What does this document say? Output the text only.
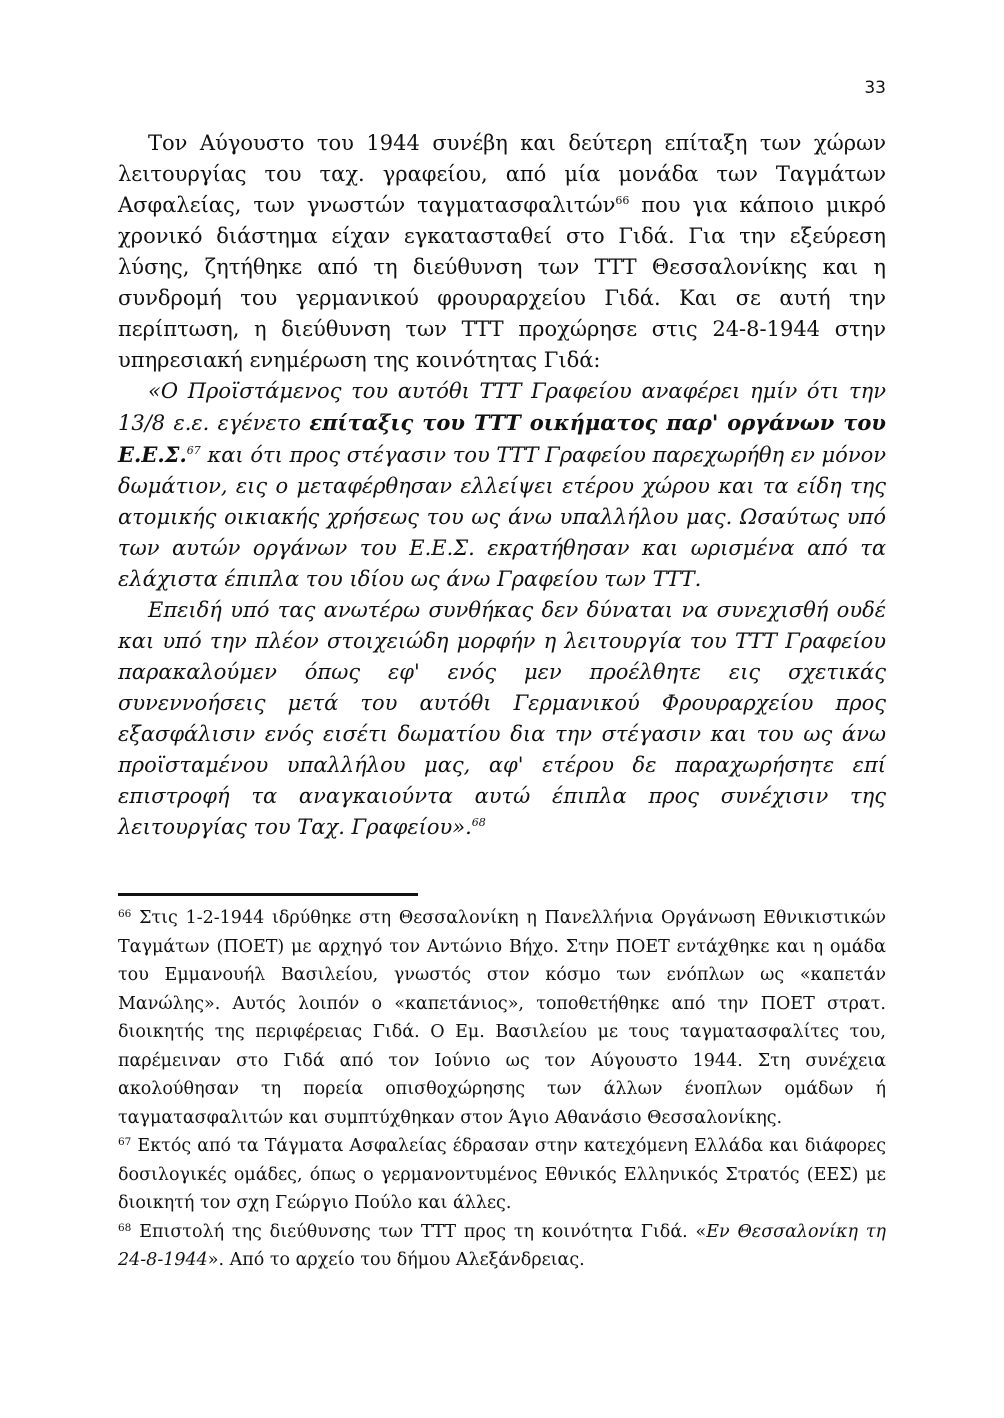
33

Τον Αύγουστο του 1944 συνέβη και δεύτερη επίταξη των χώρων λειτουργίας του ταχ. γραφείου, από μία μονάδα των Ταγμάτων Ασφαλείας, των γνωστών ταγματασφαλιτών$^{66}$ που για κάποιο μικρό χρονικό διάστημα είχαν εγκατασταθεί στο Γιδά. Για την εξεύρεση λύσης, ζητήθηκε από τη διεύθυνση των ΤΤΤ Θεσσαλονίκης και η συνδρομή του γερμανικού φρουραρχείου Γιδά. Και σε αυτή την περίπτωση, η διεύθυνση των ΤΤΤ προχώρησε στις 24-8-1944 στην υπηρεσιακή ενημέρωση της κοινότητας Γιδά:

«Ο Προϊστάμενος του αυτόθι ΤΤΤ Γραφείου αναφέρει ημίν ότι την 13/8 ε.ε. εγένετο επίταξις του ΤΤΤ οικήματος παρ' οργάνων του Ε.Ε.Σ.$^{67}$ και ότι προς στέγασιν του ΤΤΤ Γραφείου παρεχωρήθη εν μόνον δωμάτιον, εις ο μεταφέρθησαν ελλείψει ετέρου χώρου και τα είδη της ατομικής οικιακής χρήσεως του ως άνω υπαλλήλου μας. Ωσαύτως υπό των αυτών οργάνων του Ε.Ε.Σ. εκρατήθησαν και ωρισμένα από τα ελάχιστα έπιπλα του ιδίου ως άνω Γραφείου των ΤΤΤ.

Επειδή υπό τας ανωτέρω συνθήκας δεν δύναται να συνεχισθή ουδέ και υπό την πλέον στοιχειώδη μορφήν η λειτουργία του ΤΤΤ Γραφείου παρακαλούμεν όπως εφ' ενός μεν προέλθητε εις σχετικάς συνεννοήσεις μετά του αυτόθι Γερμανικού Φρουραρχείου προς εξασφάλισιν ενός εισέτι δωματίου δια την στέγασιν και του ως άνω προϊσταμένου υπαλλήλου μας, αφ' ετέρου δε παραχωρήσητε επί επιστροφή τα αναγκαιούντα αυτώ έπιπλα προς συνέχισιν της λειτουργίας του Ταχ. Γραφείου».$^{68}$

$^{66}$ Στις 1-2-1944 ιδρύθηκε στη Θεσσαλονίκη η Πανελλήνια Οργάνωση Εθνικιστικών Ταγμάτων (ΠΟΕΤ) με αρχηγό τον Αντώνιο Βήχο. Στην ΠΟΕΤ εντάχθηκε και η ομάδα του Εμμανουήλ Βασιλείου, γνωστός στον κόσμο των ενόπλων ως «καπετάν Μανώλης». Αυτός λοιπόν ο «καπετάνιος», τοποθετήθηκε από την ΠΟΕΤ στρατ. διοικητής της περιφέρειας Γιδά. Ο Εμ. Βασιλείου με τους ταγματασφαλίτες του, παρέμειναν στο Γιδά από τον Ιούνιο ως τον Αύγουστο 1944. Στη συνέχεια ακολούθησαν τη πορεία οπισθοχώρησης των άλλων ένοπλων ομάδων ή ταγματασφαλιτών και συμπτύχθηκαν στον Άγιο Αθανάσιο Θεσσαλονίκης.

$^{67}$ Εκτός από τα Τάγματα Ασφαλείας έδρασαν στην κατεχόμενη Ελλάδα και διάφορες δοσιλογικές ομάδες, όπως ο γερμανοντυμένος Εθνικός Ελληνικός Στρατός (ΕΕΣ) με διοικητή τον σχη Γεώργιο Πούλο και άλλες.

$^{68}$ Επιστολή της διεύθυνσης των ΤΤΤ προς τη κοινότητα Γιδά. «Εν Θεσσαλονίκη τη 24-8-1944». Από το αρχείο του δήμου Αλεξάνδρειας.
